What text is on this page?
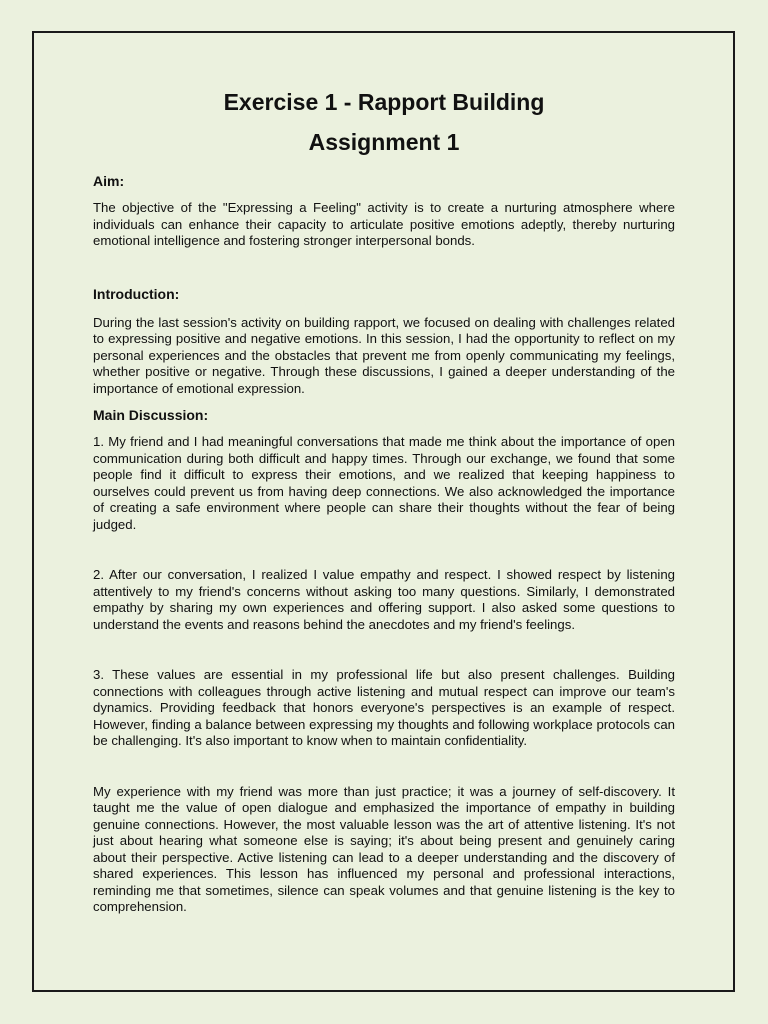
Exercise 1 - Rapport Building
Assignment 1
Aim:

The objective of the "Expressing a Feeling" activity is to create a nurturing atmosphere where individuals can enhance their capacity to articulate positive emotions adeptly, thereby nurturing emotional intelligence and fostering stronger interpersonal bonds.

Introduction:

During the last session's activity on building rapport, we focused on dealing with challenges related to expressing positive and negative emotions. In this session, I had the opportunity to reflect on my personal experiences and the obstacles that prevent me from openly communicating my feelings, whether positive or negative. Through these discussions, I gained a deeper understanding of the importance of emotional expression.

Main Discussion:

1. My friend and I had meaningful conversations that made me think about the importance of open communication during both difficult and happy times. Through our exchange, we found that some people find it difficult to express their emotions, and we realized that keeping happiness to ourselves could prevent us from having deep connections. We also acknowledged the importance of creating a safe environment where people can share their thoughts without the fear of being judged.

2. After our conversation, I realized I value empathy and respect. I showed respect by listening attentively to my friend's concerns without asking too many questions. Similarly, I demonstrated empathy by sharing my own experiences and offering support. I also asked some questions to understand the events and reasons behind the anecdotes and my friend's feelings.

3. These values are essential in my professional life but also present challenges. Building connections with colleagues through active listening and mutual respect can improve our team's dynamics. Providing feedback that honors everyone's perspectives is an example of respect. However, finding a balance between expressing my thoughts and following workplace protocols can be challenging. It's also important to know when to maintain confidentiality.

My experience with my friend was more than just practice; it was a journey of self-discovery. It taught me the value of open dialogue and emphasized the importance of empathy in building genuine connections. However, the most valuable lesson was the art of attentive listening. It's not just about hearing what someone else is saying; it's about being present and genuinely caring about their perspective. Active listening can lead to a deeper understanding and the discovery of shared experiences. This lesson has influenced my personal and professional interactions, reminding me that sometimes, silence can speak volumes and that genuine listening is the key to comprehension.
